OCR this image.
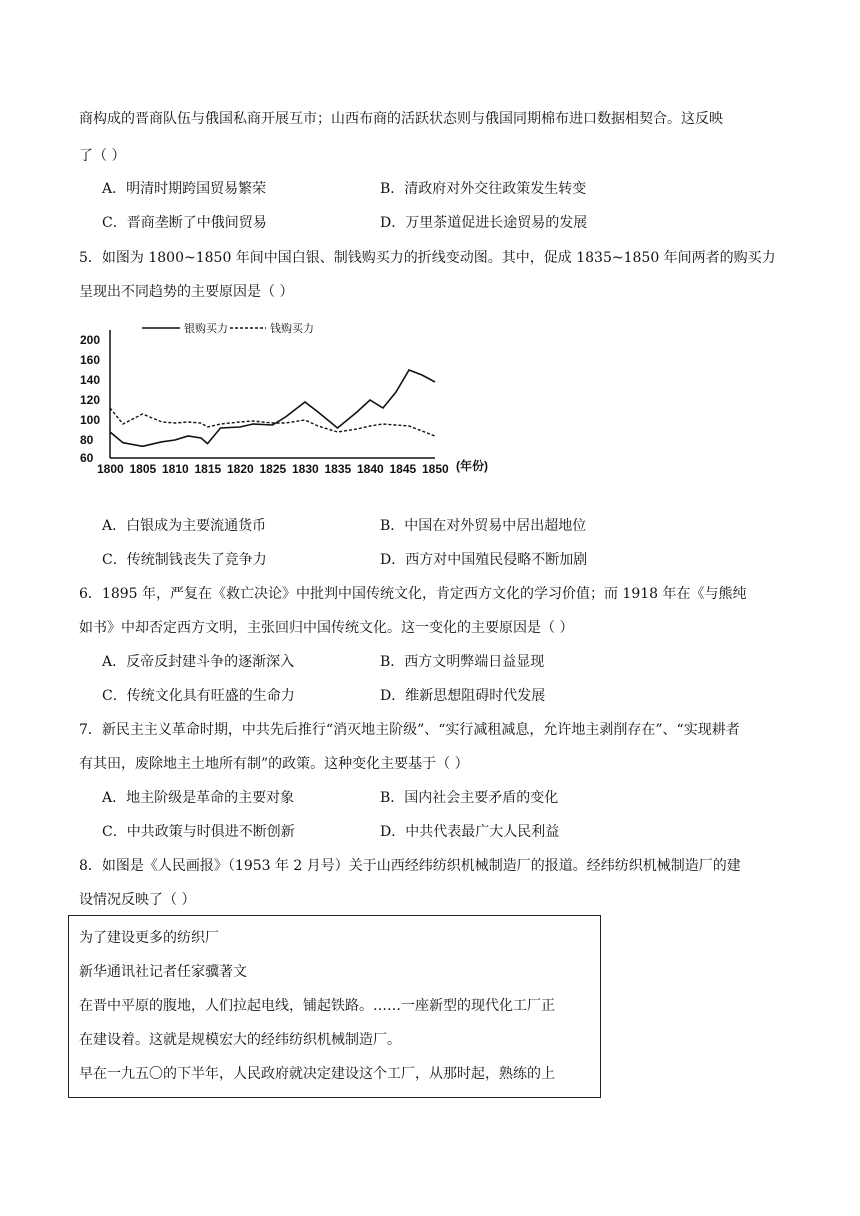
商构成的晋商队伍与俄国私商开展互市；山西布商的活跃状态则与俄国同期棉布进口数据相契合。这反映
了（ ）
A．明清时期跨国贸易繁荣	B．清政府对外交往政策发生转变
C．晋商垄断了中俄间贸易	D．万里茶道促进长途贸易的发展
5．如图为 1800~1850 年间中国白银、制钱购买力的折线变动图。其中，促成 1835~1850 年间两者的购买力
呈现出不同趋势的主要原因是（ ）
200
160
140
120
100
80
60
1800 1805 1810 1815 1820 1825 1830 1835 1840 1845 1850
银购买力	钱购买力
(年份)
A．白银成为主要流通货币	B．中国在对外贸易中居出超地位
C．传统制钱丧失了竞争力	D．西方对中国殖民侵略不断加剧
6．1895 年，严复在《救亡决论》中批判中国传统文化，肯定西方文化的学习价值；而 1918 年在《与熊纯
如书》中却否定西方文明，主张回归中国传统文化。这一变化的主要原因是（ ）
A．反帝反封建斗争的逐渐深入	B．西方文明弊端日益显现
C．传统文化具有旺盛的生命力	D．维新思想阻碍时代发展
7．新民主主义革命时期，中共先后推行“消灭地主阶级”、“实行减租减息，允许地主剥削存在”、“实现耕者
有其田，废除地主土地所有制”的政策。这种变化主要基于（ ）
A．地主阶级是革命的主要对象	B．国内社会主要矛盾的变化
C．中共政策与时俱进不断创新	D．中共代表最广大人民利益
8．如图是《人民画报》（1953 年 2 月号）关于山西经纬纺织机械制造厂的报道。经纬纺织机械制造厂的建
设情况反映了（ ）
为了建设更多的纺织厂
新华通讯社记者任家骥著文
在晋中平原的腹地，人们拉起电线，铺起铁路。……一座新型的现代化工厂正
在建设着。这就是规模宏大的经纬纺织机械制造厂。
早在一九五〇的下半年，人民政府就决定建设这个工厂，从那时起，熟练的上
